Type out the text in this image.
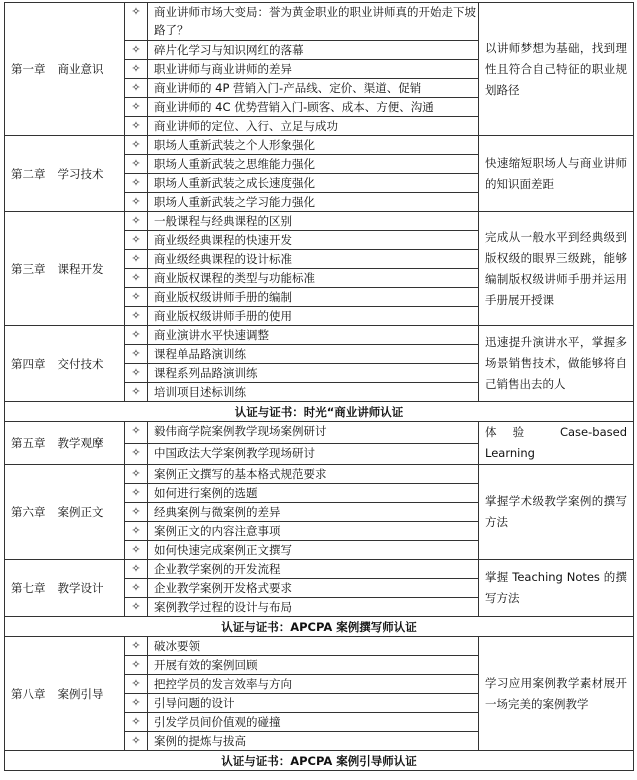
第一章 商业意识	✧	商业讲师市场大变局：誉为黄金职业的职业讲师真的开始走下坡路了？	以讲师梦想为基础，找到理性且符合自己特征的职业规划路径
	✧	碎片化学习与知识网红的落幕	
	✧	职业讲师与商业讲师的差异	
	✧	商业讲师的 4P 营销入门-产品线、定价、渠道、促销	
	✧	商业讲师的 4C 优势营销入门-顾客、成本、方便、沟通	
	✧	商业讲师的定位、入行、立足与成功	
第二章 学习技术	✧	职场人重新武装之个人形象强化	快速缩短职场人与商业讲师的知识面差距
	✧	职场人重新武装之思维能力强化	
	✧	职场人重新武装之成长速度强化	
	✧	职场人重新武装之学习能力强化	
第三章 课程开发	✧	一般课程与经典课程的区别	完成从一般水平到经典级到版权级的眼界三级跳，能够编制版权级讲师手册并运用手册展开授课
	✧	商业级经典课程的快速开发	
	✧	商业级经典课程的设计标准	
	✧	商业版权课程的类型与功能标准	
	✧	商业版权级讲师手册的编制	
	✧	商业版权级讲师手册的使用	
第四章 交付技术	✧	商业演讲水平快速调整	迅速提升演讲水平，掌握多场景销售技术，做能够将自己销售出去的人
	✧	课程单品路演训练	
	✧	课程系列品路演训练	
	✧	培训项目述标训练	
认证与证书：时光“商业讲师认证			
第五章 教学观摩	✧	毅伟商学院案例教学现场案例研讨	体验 Case-based Learning
	✧	中国政法大学案例教学现场研讨	
第六章 案例正文	✧	案例正文撰写的基本格式规范要求	掌握学术级教学案例的撰写方法
	✧	如何进行案例的选题	
	✧	经典案例与微案例的差异	
	✧	案例正文的内容注意事项	
	✧	如何快速完成案例正文撰写	
第七章 教学设计	✧	企业教学案例的开发流程	掌握 Teaching Notes 的撰写方法
	✧	企业教学案例开发格式要求	
	✧	案例教学过程的设计与布局	
认证与证书：APCPA 案例撰写师认证			
第八章 案例引导	✧	破冰要领	学习应用案例教学素材展开一场完美的案例教学
	✧	开展有效的案例回顾	
	✧	把控学员的发言效率与方向	
	✧	引导问题的设计	
	✧	引发学员间价值观的碰撞	
	✧	案例的提炼与拔高	
认证与证书：APCPA 案例引导师认证			
